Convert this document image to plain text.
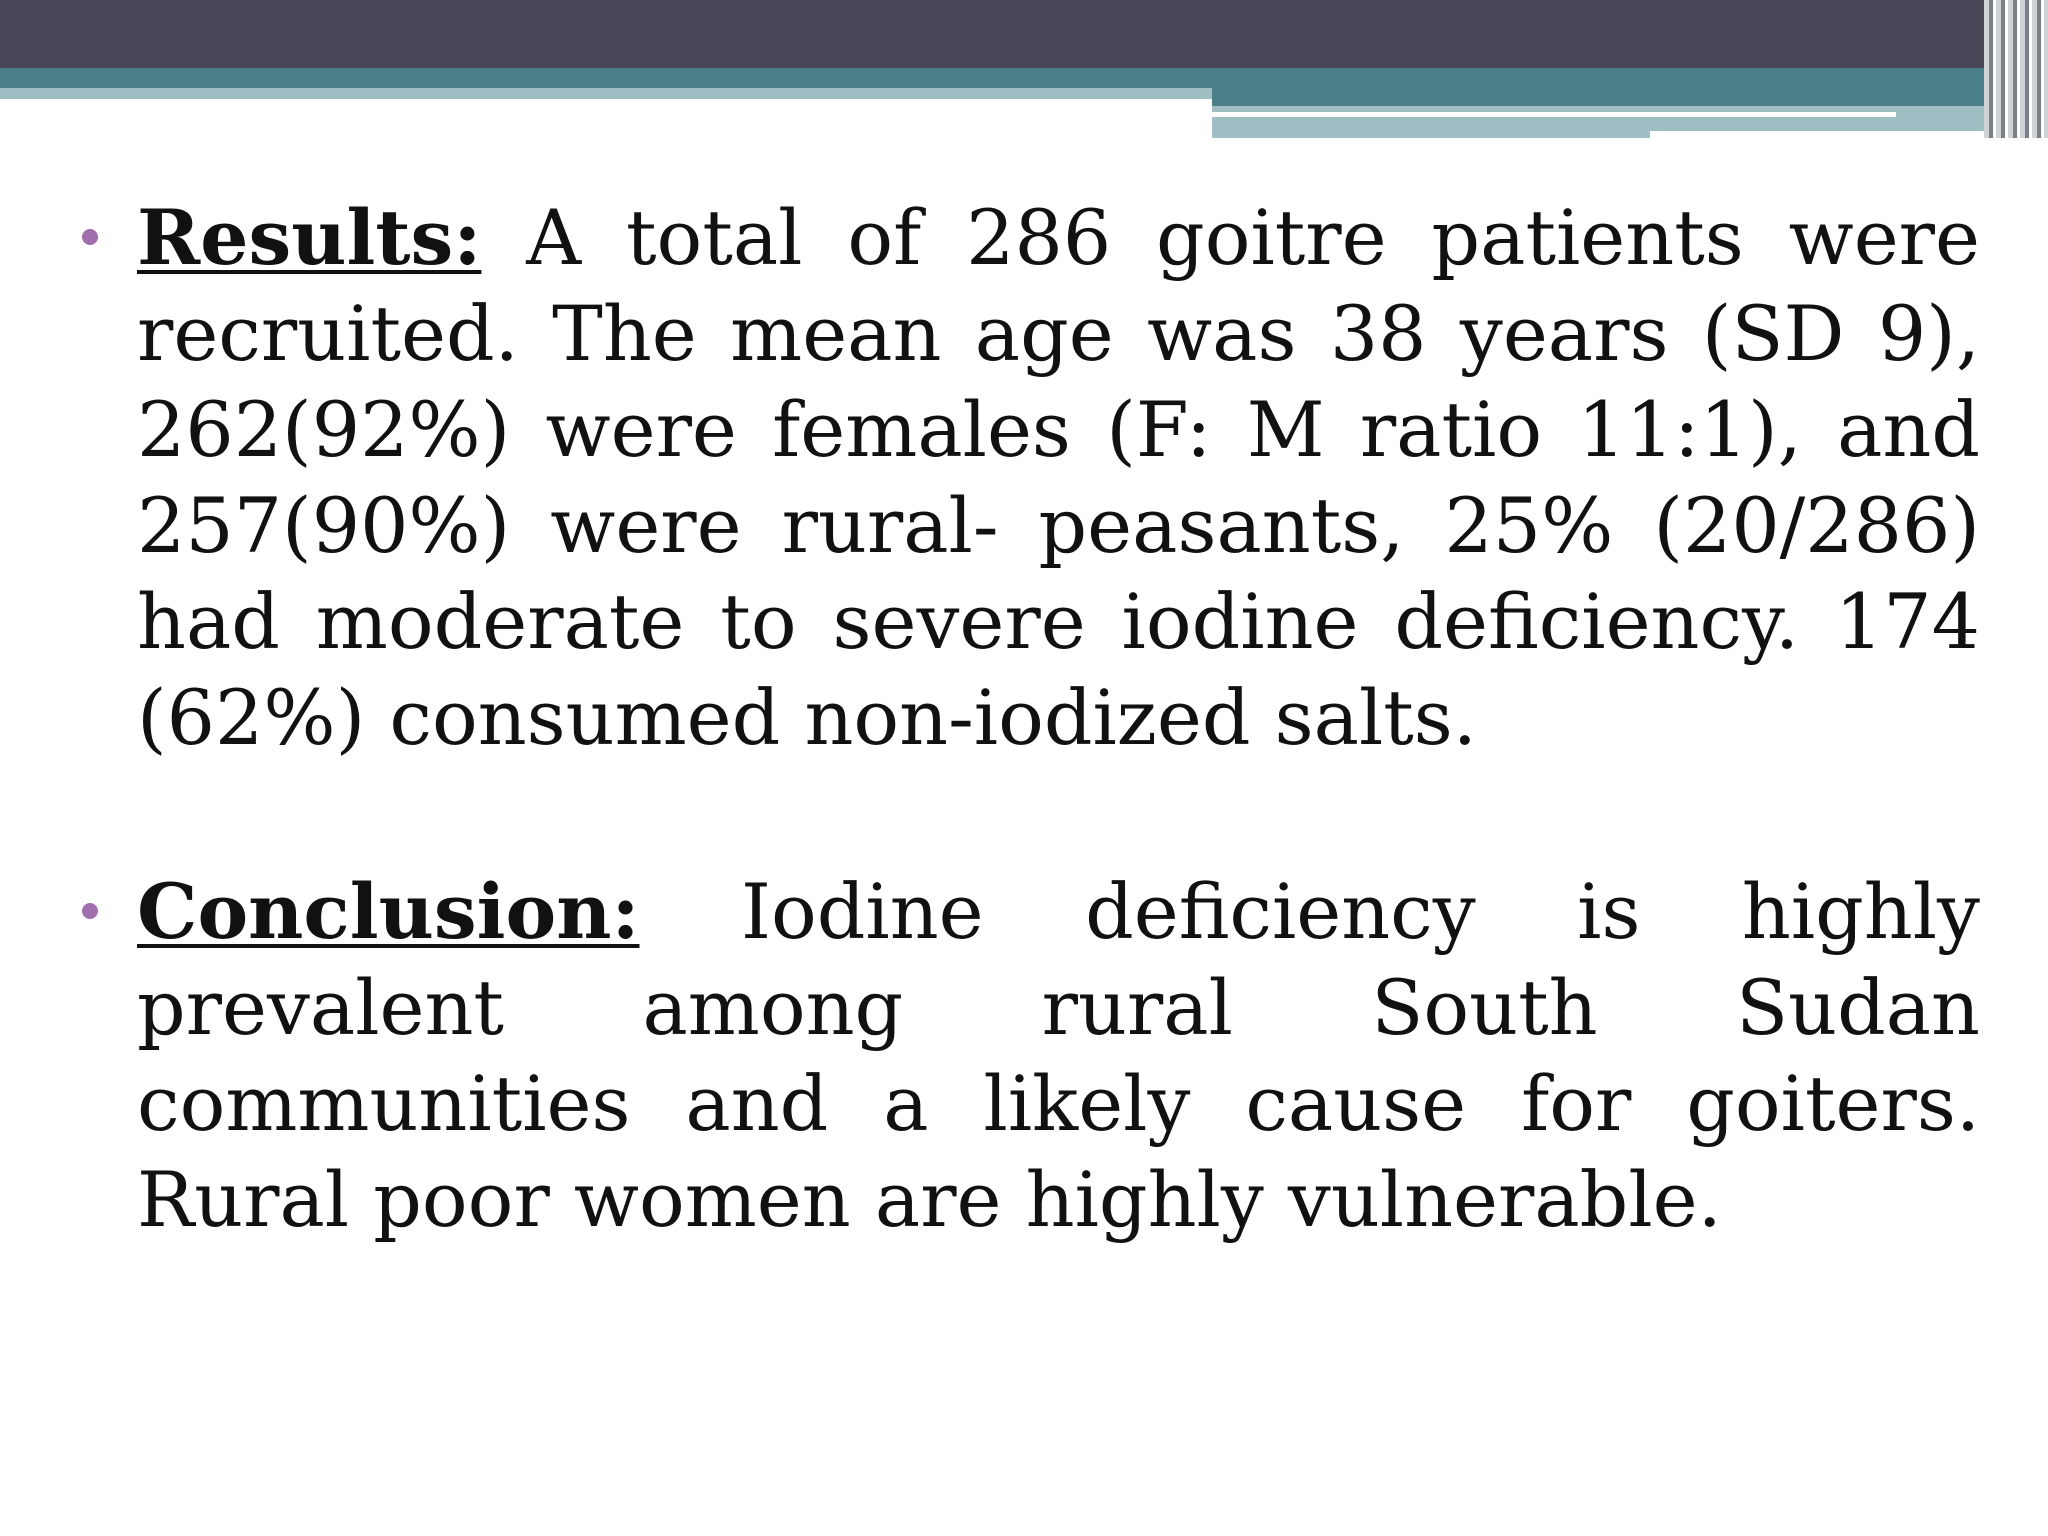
Results: A total of 286 goitre patients were recruited. The mean age was 38 years (SD 9), 262(92%) were females (F: M ratio 11:1), and 257(90%) were rural- peasants, 25% (20/286) had moderate to severe iodine deficiency. 174 (62%) consumed non-iodized salts.

Conclusion: Iodine deficiency is highly prevalent among rural South Sudan communities and a likely cause for goiters. Rural poor women are highly vulnerable.
